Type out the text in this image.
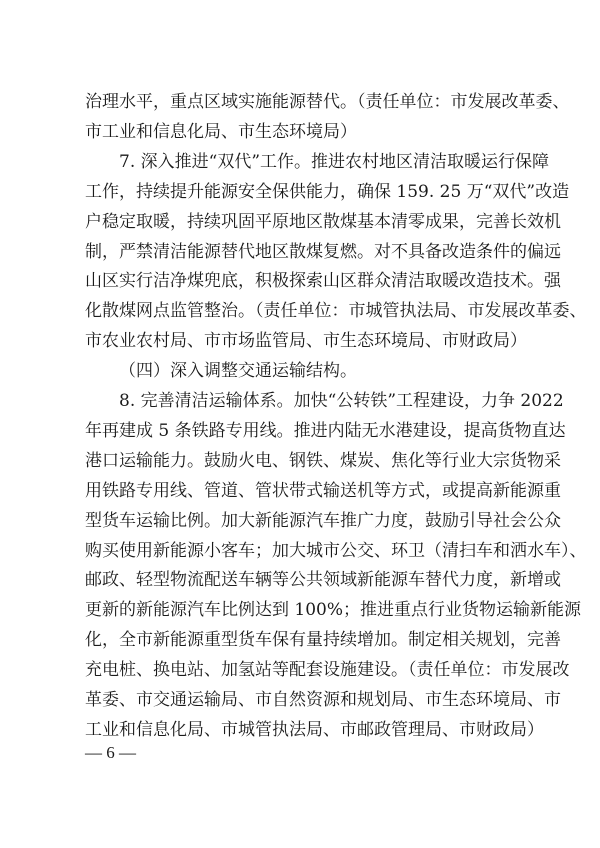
治理水平，重点区域实施能源替代。（责任单位：市发展改革委、
市工业和信息化局、市生态环境局）
7. 深入推进“双代”工作。推进农村地区清洁取暖运行保障
工作，持续提升能源安全保供能力，确保 159. 25 万“双代”改造
户稳定取暖，持续巩固平原地区散煤基本清零成果，完善长效机
制，严禁清洁能源替代地区散煤复燃。对不具备改造条件的偏远
山区实行洁净煤兜底，积极探索山区群众清洁取暖改造技术。强
化散煤网点监管整治。（责任单位：市城管执法局、市发展改革委、
市农业农村局、市市场监管局、市生态环境局、市财政局）
（四）深入调整交通运输结构。
8. 完善清洁运输体系。加快“公转铁”工程建设，力争 2022
年再建成 5 条铁路专用线。推进内陆无水港建设，提高货物直达
港口运输能力。鼓励火电、钢铁、煤炭、焦化等行业大宗货物采
用铁路专用线、管道、管状带式输送机等方式，或提高新能源重
型货车运输比例。加大新能源汽车推广力度，鼓励引导社会公众
购买使用新能源小客车；加大城市公交、环卫（清扫车和洒水车）、
邮政、轻型物流配送车辆等公共领域新能源车替代力度，新增或
更新的新能源汽车比例达到 100%；推进重点行业货物运输新能源
化，全市新能源重型货车保有量持续增加。制定相关规划，完善
充电桩、换电站、加氢站等配套设施建设。（责任单位：市发展改
革委、市交通运输局、市自然资源和规划局、市生态环境局、市
工业和信息化局、市城管执法局、市邮政管理局、市财政局）
— 6 —
